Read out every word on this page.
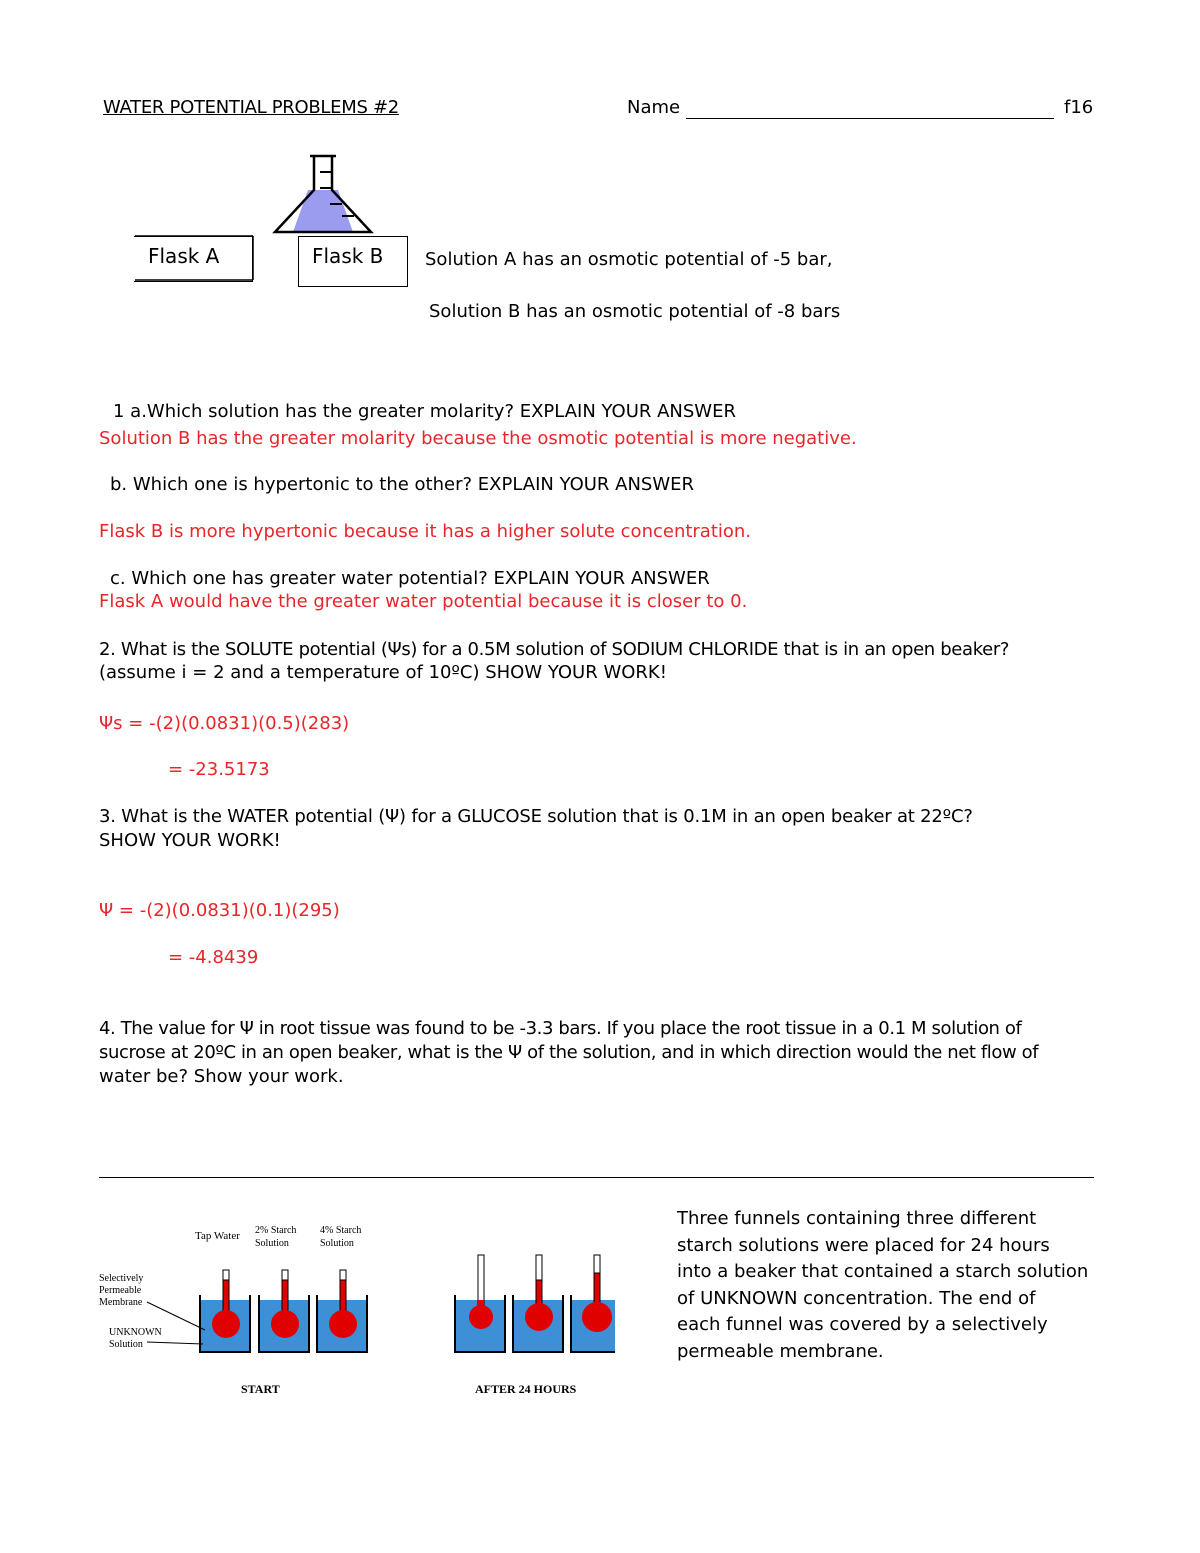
WATER POTENTIAL PROBLEMS #2	Name	f16
Flask A	Flask B Solution A has an osmotic potential of -5 bar,
Solution B has an osmotic potential of -8 bars
1 a.Which solution has the greater molarity? EXPLAIN YOUR ANSWER
Solution B has the greater molarity because the osmotic potential is more negative.
b. Which one is hypertonic to the other? EXPLAIN YOUR ANSWER
Flask B is more hypertonic because it has a higher solute concentration.
c. Which one has greater water potential? EXPLAIN YOUR ANSWER
Flask A would have the greater water potential because it is closer to 0.
2. What is the SOLUTE potential (Ψs) for a 0.5M solution of SODIUM CHLORIDE that is in an open beaker?
(assume i = 2 and a temperature of 10ºC) SHOW YOUR WORK!
Ψs = -(2)(0.0831)(0.5)(283)
= -23.5173
3. What is the WATER potential (Ψ) for a GLUCOSE solution that is 0.1M in an open beaker at 22ºC?
SHOW YOUR WORK!
Ψ = -(2)(0.0831)(0.1)(295)
= -4.8439
4. The value for Ψ in root tissue was found to be -3.3 bars. If you place the root tissue in a 0.1 M solution of
sucrose at 20ºC in an open beaker, what is the Ψ of the solution, and in which direction would the net flow of
water be? Show your work.
Tap Water 2% Starch
Solution
4% Starch
Solution
Selectively
Permeable
Membrane
UNKNOWN
Solution
START	AFTER 24 HOURS
Three funnels containing three different
starch solutions were placed for 24 hours
into a beaker that contained a starch solution
of UNKNOWN concentration. The end of
each funnel was covered by a selectively
permeable membrane.
